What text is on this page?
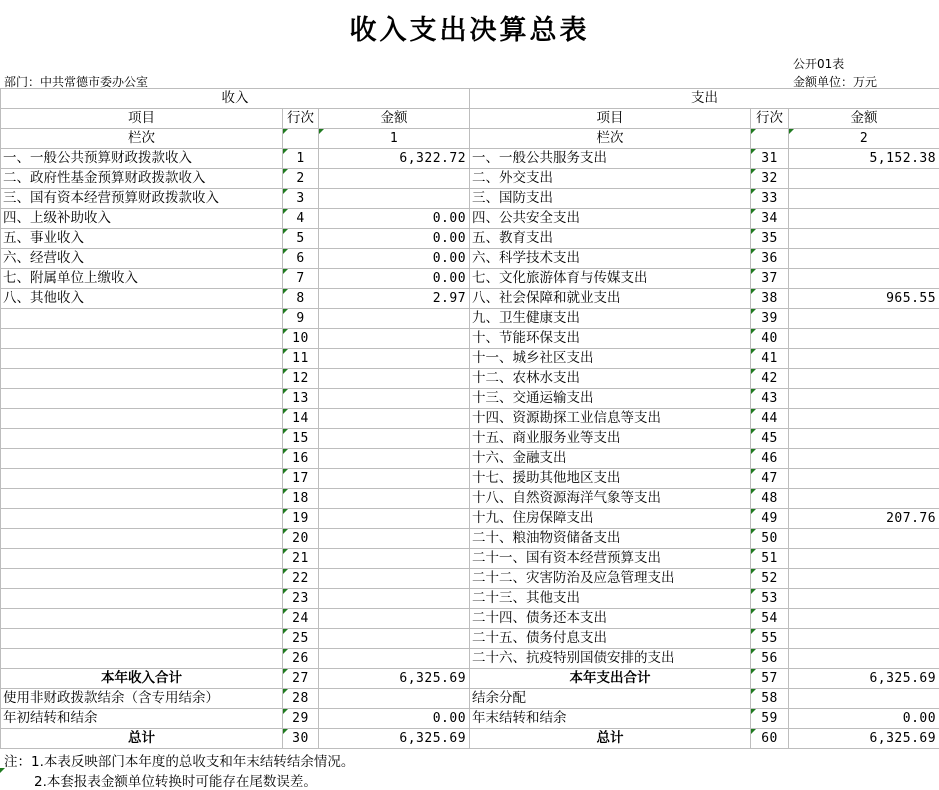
收入支出决算总表
公开01表
部门：中共常德市委办公室	金额单位：万元
收入			支出		
项目	行次	金额	项目	行次	金额
栏次		1	栏次		2
一、一般公共预算财政拨款收入	1	6,322.72	一、一般公共服务支出	31	5,152.38
二、政府性基金预算财政拨款收入	2		二、外交支出	32	
三、国有资本经营预算财政拨款收入	3		三、国防支出	33	
四、上级补助收入	4	0.00	四、公共安全支出	34	
五、事业收入	5	0.00	五、教育支出	35	
六、经营收入	6	0.00	六、科学技术支出	36	
七、附属单位上缴收入	7	0.00	七、文化旅游体育与传媒支出	37	
八、其他收入	8	2.97	八、社会保障和就业支出	38	965.55
	9		九、卫生健康支出	39	
	10		十、节能环保支出	40	
	11		十一、城乡社区支出	41	
	12		十二、农林水支出	42	
	13		十三、交通运输支出	43	
	14		十四、资源勘探工业信息等支出	44	
	15		十五、商业服务业等支出	45	
	16		十六、金融支出	46	
	17		十七、援助其他地区支出	47	
	18		十八、自然资源海洋气象等支出	48	
	19		十九、住房保障支出	49	207.76
	20		二十、粮油物资储备支出	50	
	21		二十一、国有资本经营预算支出	51	
	22		二十二、灾害防治及应急管理支出	52	
	23		二十三、其他支出	53	
	24		二十四、债务还本支出	54	
	25		二十五、债务付息支出	55	
	26		二十六、抗疫特别国债安排的支出	56	
本年收入合计	27	6,325.69	本年支出合计	57	6,325.69
使用非财政拨款结余（含专用结余）	28		结余分配	58	
年初结转和结余	29	0.00	年末结转和结余	59	0.00
总计	30	6,325.69	总计	60	6,325.69
注：1.本表反映部门本年度的总收支和年末结转结余情况。
2.本套报表金额单位转换时可能存在尾数误差。
